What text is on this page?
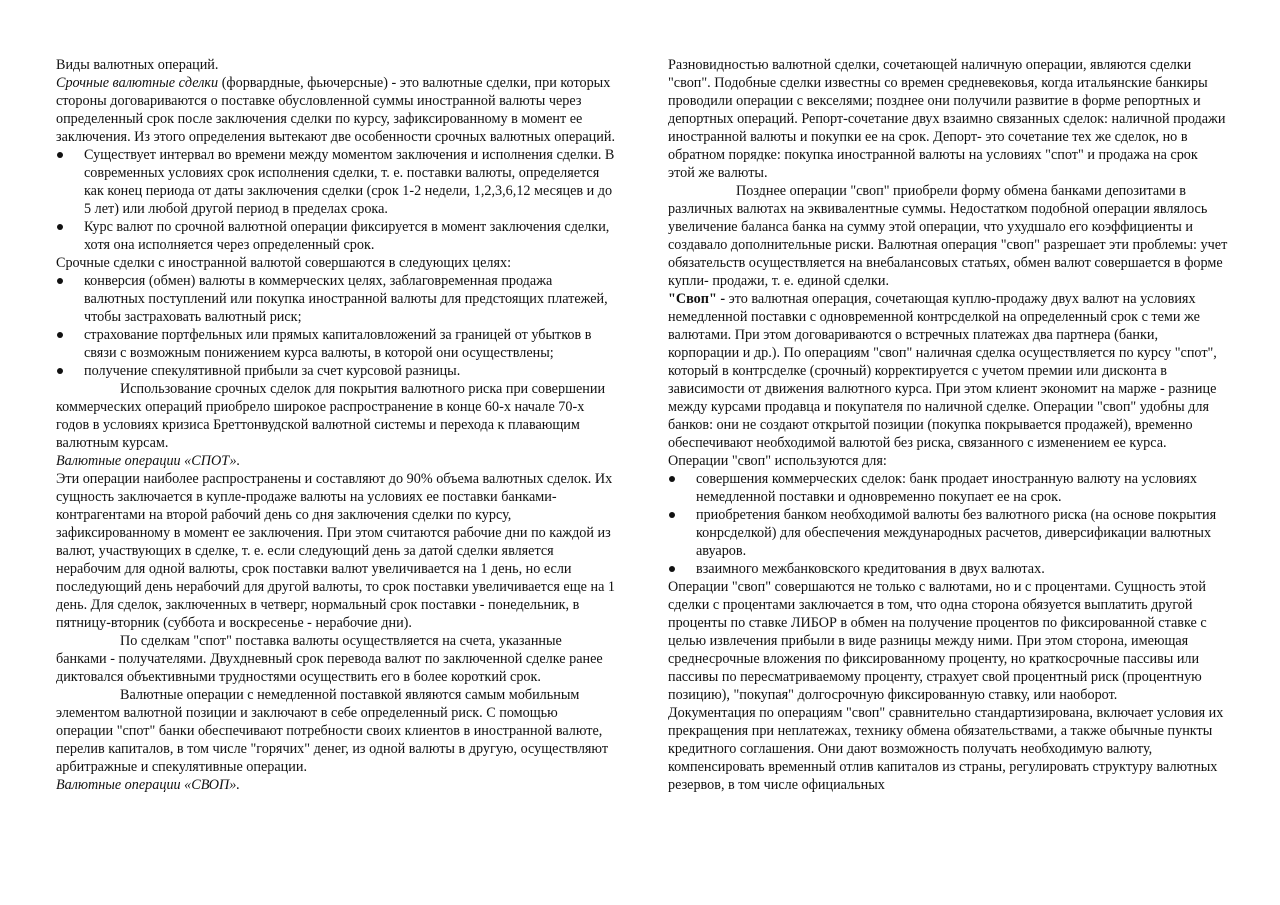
Виды валютных операций.

Срочные валютные сделки (форвардные, фьючерсные) - это валютные сделки, при которых стороны договариваются о поставке обусловленной суммы иностранной валюты через определенный срок после заключения сделки по курсу, зафиксированному в момент ее заключения. Из этого определения вытекают две особенности срочных валютных операций.

Существует интервал во времени между моментом заключения и исполнения сделки. В современных условиях срок исполнения сделки, т. е. поставки валюты, определяется как конец периода от даты заключения сделки (срок 1-2 недели, 1,2,3,6,12 месяцев и до 5 лет) или любой другой период в пределах срока.
Курс валют по срочной валютной операции фиксируется в момент заключения сделки, хотя она исполняется через определенный срок.

Срочные сделки с иностранной валютой совершаются в следующих целях:

конверсия (обмен) валюты в коммерческих целях, заблаговременная продажа валютных поступлений или покупка иностранной валюты для предстоящих платежей, чтобы застраховать валютный риск;
страхование портфельных или прямых капиталовложений за границей от убытков в связи с возможным понижением курса валюты, в которой они осуществлены;
получение спекулятивной прибыли за счет курсовой разницы.

Использование срочных сделок для покрытия валютного риска при совершении коммерческих операций приобрело широкое распространение в конце 60-х начале 70-х годов в условиях кризиса Бреттонвудской валютной системы и перехода к плавающим валютным курсам.

Валютные операции «СПОТ».

Эти операции наиболее распространены и составляют до 90% объема валютных сделок. Их сущность заключается в купле-продаже валюты на условиях ее поставки банками-контрагентами на второй рабочий день со дня заключения сделки по курсу, зафиксированному в момент ее заключения. При этом считаются рабочие дни по каждой из валют, участвующих в сделке, т. е. если следующий день за датой сделки является нерабочим для одной валюты, срок поставки валют увеличивается на 1 день, но если последующий день нерабочий для другой валюты, то срок поставки увеличивается еще на 1 день. Для сделок, заключенных в четверг, нормальный срок поставки - понедельник, в пятницу-вторник (суббота и воскресенье - нерабочие дни).

По сделкам "спот" поставка валюты осуществляется на счета, указанные банками - получателями. Двухдневный срок перевода валют по заключенной сделке ранее диктовался объективными трудностями осуществить его в более короткий срок.

Валютные операции с немедленной поставкой являются самым мобильным элементом валютной позиции и заключают в себе определенный риск. С помощью операции "спот" банки обеспечивают потребности своих клиентов в иностранной валюте, перелив капиталов, в том числе "горячих" денег, из одной валюты в другую, осуществляют арбитражные и спекулятивные операции.

Валютные операции «СВОП».

Разновидностью валютной сделки, сочетающей наличную операции, являются сделки "своп". Подобные сделки известны со времен средневековья, когда итальянские банкиры проводили операции с векселями; позднее они получили развитие в форме репортных и депортных операций. Репорт-сочетание двух взаимно связанных сделок: наличной продажи иностранной валюты и покупки ее на срок. Депорт- это сочетание тех же сделок, но в обратном порядке: покупка иностранной валюты на условиях "спот" и продажа на срок этой же валюты.

Позднее операции "своп" приобрели форму обмена банками депозитами в различных валютах на эквивалентные суммы. Недостатком подобной операции являлось увеличение баланса банка на сумму этой операции, что ухудшало его коэффициенты и создавало дополнительные риски. Валютная операция "своп" разрешает эти проблемы: учет обязательств осуществляется на внебалансовых статьях, обмен валют совершается в форме купли- продажи, т. е. единой сделки.

"Своп" - это валютная операция, сочетающая куплю-продажу двух валют на условиях немедленной поставки с одновременной контрсделкой на определенный срок с теми же валютами. При этом договариваются о встречных платежах два партнера (банки, корпорации и др.). По операциям "своп" наличная сделка осуществляется по курсу "спот", который в контрсделке (срочный) корректируется с учетом премии или дисконта в зависимости от движения валютного курса. При этом клиент экономит на марже - разнице между курсами продавца и покупателя по наличной сделке. Операции "своп" удобны для банков: они не создают открытой позиции (покупка покрывается продажей), временно обеспечивают необходимой валютой без риска, связанного с изменением ее курса. Операции "своп" используются для:

совершения коммерческих сделок: банк продает иностранную валюту на условиях немедленной поставки и одновременно покупает ее на срок.
приобретения банком необходимой валюты без валютного риска (на основе покрытия конрсделкой) для обеспечения международных расчетов, диверсификации валютных авуаров.
взаимного межбанковского кредитования в двух валютах.

Операции "своп" совершаются не только с валютами, но и с процентами. Сущность этой сделки с процентами заключается в том, что одна сторона обязуется выплатить другой проценты по ставке ЛИБОР в обмен на получение процентов по фиксированной ставке с целью извлечения прибыли в виде разницы между ними. При этом сторона, имеющая среднесрочные вложения по фиксированному проценту, но краткосрочные пассивы или пассивы по пересматриваемому проценту, страхует свой процентный риск (процентную позицию), "покупая" долгосрочную фиксированную ставку, или наоборот.

Документация по операциям "своп" сравнительно стандартизирована, включает условия их прекращения при неплатежах, технику обмена обязательствами, а также обычные пункты кредитного соглашения. Они дают возможность получать необходимую валюту, компенсировать временный отлив капиталов из страны, регулировать структуру валютных резервов, в том числе официальных
